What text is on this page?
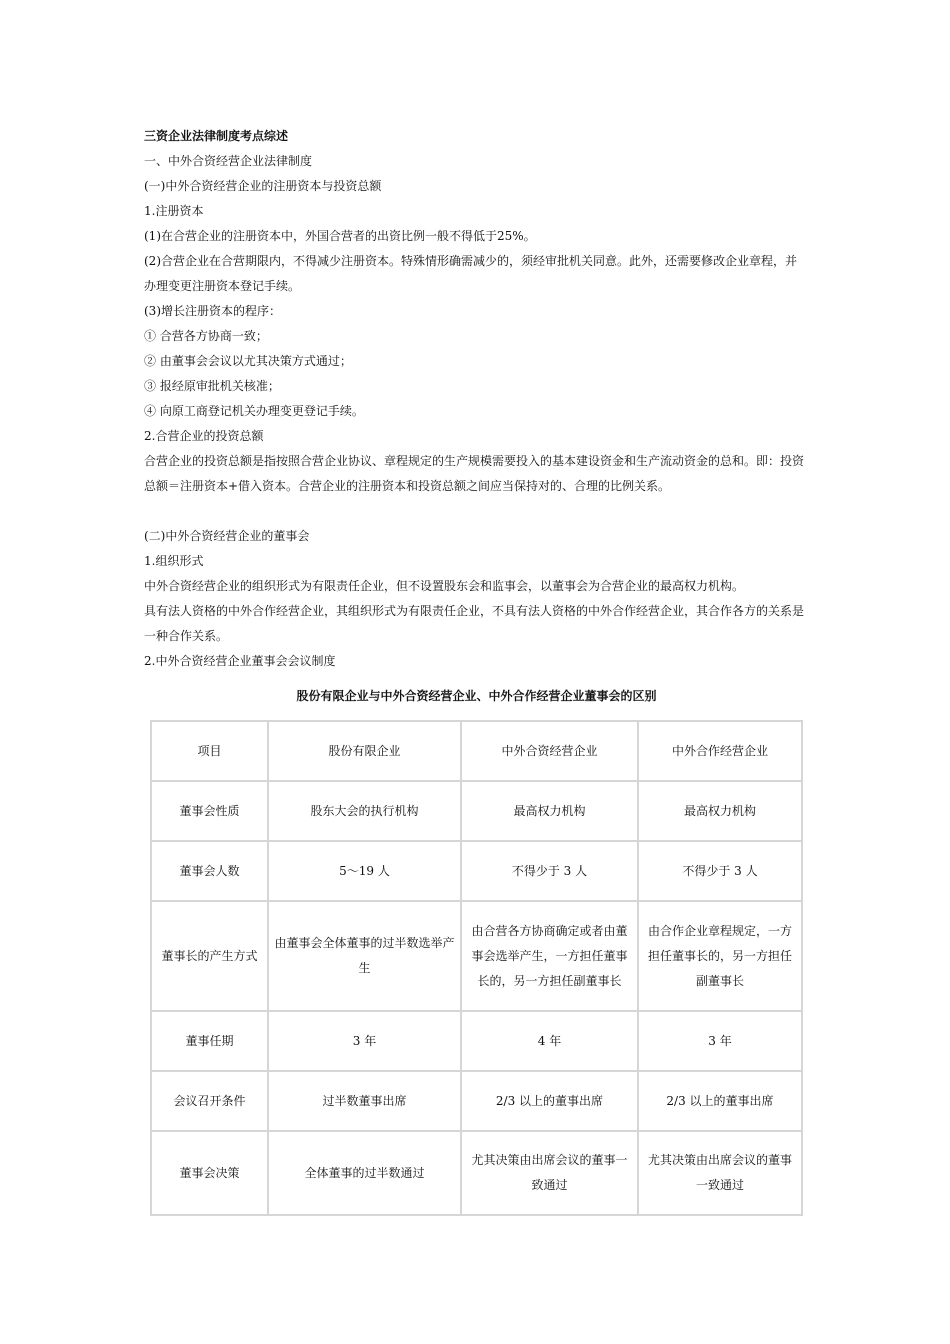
三资企业法律制度考点综述
一、中外合资经营企业法律制度
(一)中外合资经营企业的注册资本与投资总额
1.注册资本
(1)在合营企业的注册资本中，外国合营者的出资比例一般不得低于25%。
(2)合营企业在合营期限内，不得减少注册资本。特殊情形确需减少的，须经审批机关同意。此外，还需要修改企业章程，并
办理变更注册资本登记手续。
(3)增长注册资本的程序：
① 合营各方协商一致；
② 由董事会会议以尤其决策方式通过；
③ 报经原审批机关核准；
④ 向原工商登记机关办理变更登记手续。
2.合营企业的投资总额
合营企业的投资总额是指按照合营企业协议、章程规定的生产规模需要投入的基本建设资金和生产流动资金的总和。即：投资
总额＝注册资本+借入资本。合营企业的注册资本和投资总额之间应当保持对的、合理的比例关系。
(二)中外合资经营企业的董事会
1.组织形式
中外合资经营企业的组织形式为有限责任企业，但不设置股东会和监事会，以董事会为合营企业的最高权力机构。
具有法人资格的中外合作经营企业，其组织形式为有限责任企业，不具有法人资格的中外合作经营企业，其合作各方的关系是
一种合作关系。
2.中外合资经营企业董事会会议制度
股份有限企业与中外合资经营企业、中外合作经营企业董事会的区别
项目	股份有限企业	中外合资经营企业	中外合作经营企业
董事会性质	股东大会的执行机构	最高权力机构	最高权力机构
董事会人数	5～19 人	不得少于 3 人	不得少于 3 人
董事长的产生方式	由董事会全体董事的过半数选举产生	由合营各方协商确定或者由董事会选举产生，一方担任董事长的，另一方担任副董事长	由合作企业章程规定，一方担任董事长的，另一方担任副董事长
董事任期	3 年	4 年	3 年
会议召开条件	过半数董事出席	2/3 以上的董事出席	2/3 以上的董事出席
董事会决策	全体董事的过半数通过	尤其决策由出席会议的董事一致通过	尤其决策由出席会议的董事一致通过
